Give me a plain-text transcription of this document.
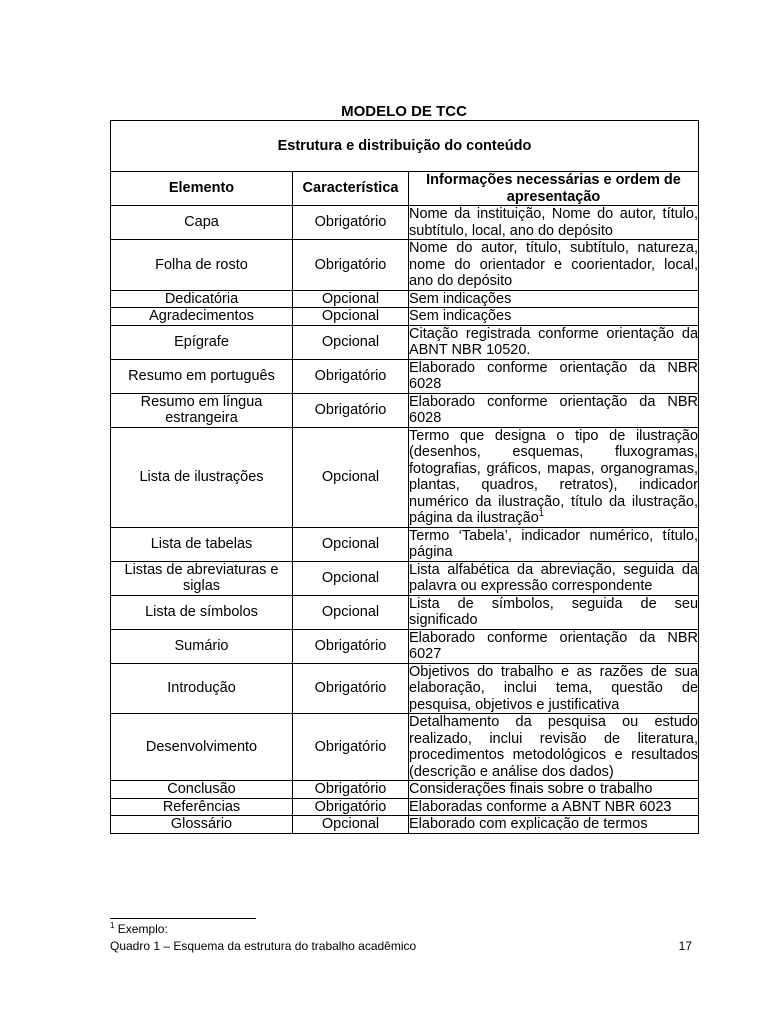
MODELO DE TCC
Estrutura e distribuição do conteúdo		
Elemento	Característica	Informações necessárias e ordem de apresentação
Capa	Obrigatório	Nome da instituição, Nome do autor, título, subtítulo, local, ano do depósito
Folha de rosto	Obrigatório	Nome do autor, título, subtítulo, natureza, nome do orientador e coorientador, local, ano do depósito
Dedicatória	Opcional	Sem indicações
Agradecimentos	Opcional	Sem indicações
Epígrafe	Opcional	Citação registrada conforme orientação da ABNT NBR 10520.
Resumo em português	Obrigatório	Elaborado conforme orientação da NBR 6028
Resumo em língua estrangeira	Obrigatório	Elaborado conforme orientação da NBR 6028
Lista de ilustrações	Opcional	Termo que designa o tipo de ilustração (desenhos, esquemas, fluxogramas, fotografias, gráficos, mapas, organogramas, plantas, quadros, retratos), indicador numérico da ilustração, título da ilustração, página da ilustração$^1$
Lista de tabelas	Opcional	Termo ‘Tabela’, indicador numérico, título, página
Listas de abreviaturas e siglas	Opcional	Lista alfabética da abreviação, seguida da palavra ou expressão correspondente
Lista de símbolos	Opcional	Lista de símbolos, seguida de seu significado
Sumário	Obrigatório	Elaborado conforme orientação da NBR 6027
Introdução	Obrigatório	Objetivos do trabalho e as razões de sua elaboração, inclui tema, questão de pesquisa, objetivos e justificativa
Desenvolvimento	Obrigatório	Detalhamento da pesquisa ou estudo realizado, inclui revisão de literatura, procedimentos metodológicos e resultados (descrição e análise dos dados)
Conclusão	Obrigatório	Considerações finais sobre o trabalho
Referências	Obrigatório	Elaboradas conforme a ABNT NBR 6023
Glossário	Opcional	Elaborado com explicação de termos
$^1$ Exemplo:
Quadro 1 – Esquema da estrutura do trabalho acadêmico	17
